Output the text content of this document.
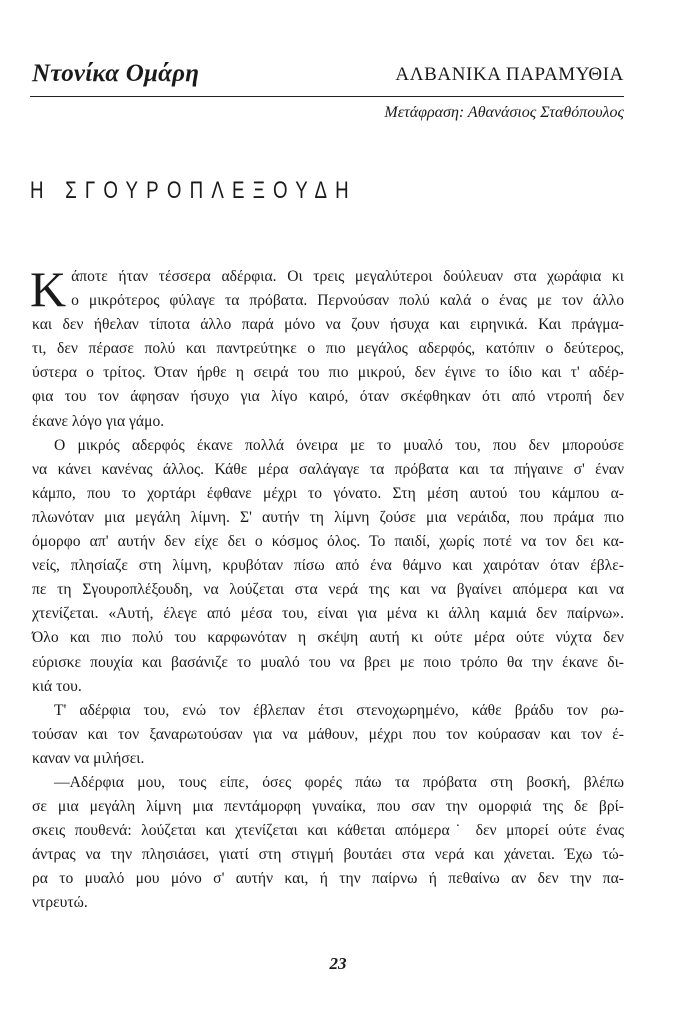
Ντονίκα Ομάρη	ΑΛΒΑΝΙΚΑ ΠΑΡΑΜΥΘΙΑ
Μετάφραση: Αθανάσιος Σταθόπουλος
Η ΣΓΟΥΡΟΠΛΕΞΟΥΔΗ
Κ άποτε ήταν τέσσερα αδέρφια. Οι τρεις μεγαλύτεροι δούλευαν στα χωράφια κι

ο μικρότερος φύλαγε τα πρόβατα. Περνούσαν πολύ καλά ο ένας με τον άλλο

και δεν ήθελαν τίποτα άλλο παρά μόνο να ζουν ήσυχα και ειρηνικά. Και πράγμα-

τι, δεν πέρασε πολύ και παντρεύτηκε ο πιο μεγάλος αδερφός, κατόπιν ο δεύτερος,

ύστερα ο τρίτος. Όταν ήρθε η σειρά του πιο μικρού, δεν έγινε το ίδιο και τ' αδέρ-

φια του τον άφησαν ήσυχο για λίγο καιρό, όταν σκέφθηκαν ότι από ντροπή δεν

έκανε λόγο για γάμο.

Ο μικρός αδερφός έκανε πολλά όνειρα με το μυαλό του, που δεν μπορούσε

να κάνει κανένας άλλος. Κάθε μέρα σαλάγαγε τα πρόβατα και τα πήγαινε σ' έναν

κάμπο, που το χορτάρι έφθανε μέχρι το γόνατο. Στη μέση αυτού του κάμπου α-

πλωνόταν μια μεγάλη λίμνη. Σ' αυτήν τη λίμνη ζούσε μια νεράιδα, που πράμα πιο

όμορφο απ' αυτήν δεν είχε δει ο κόσμος όλος. Το παιδί, χωρίς ποτέ να τον δει κα-

νείς, πλησίαζε στη λίμνη, κρυβόταν πίσω από ένα θάμνο και χαιρόταν όταν έβλε-

πε τη Σγουροπλέξουδη, να λούζεται στα νερά της και να βγαίνει απόμερα και να

χτενίζεται. «Αυτή, έλεγε από μέσα του, είναι για μένα κι άλλη καμιά δεν παίρνω».

Όλο και πιο πολύ του καρφωνόταν η σκέψη αυτή κι ούτε μέρα ούτε νύχτα δεν

εύρισκε πουχία και βασάνιζε το μυαλό του να βρει με ποιο τρόπο θα την έκανε δι-

κιά του.

Τ' αδέρφια του, ενώ τον έβλεπαν έτσι στενοχωρημένο, κάθε βράδυ τον ρω-

τούσαν και τον ξαναρωτούσαν για να μάθουν, μέχρι που τον κούρασαν και τον έ-

καναν να μιλήσει.

—Αδέρφια μου, τους είπε, όσες φορές πάω τα πρόβατα στη βοσκή, βλέπω

σε μια μεγάλη λίμνη μια πεντάμορφη γυναίκα, που σαν την ομορφιά της δε βρί-

σκεις πουθενά: λούζεται και χτενίζεται και κάθεται απόμερα˙ δεν μπορεί ούτε ένας

άντρας να την πλησιάσει, γιατί στη στιγμή βουτάει στα νερά και χάνεται. Έχω τώ-

ρα το μυαλό μου μόνο σ' αυτήν και, ή την παίρνω ή πεθαίνω αν δεν την πα-

ντρευτώ.

23
